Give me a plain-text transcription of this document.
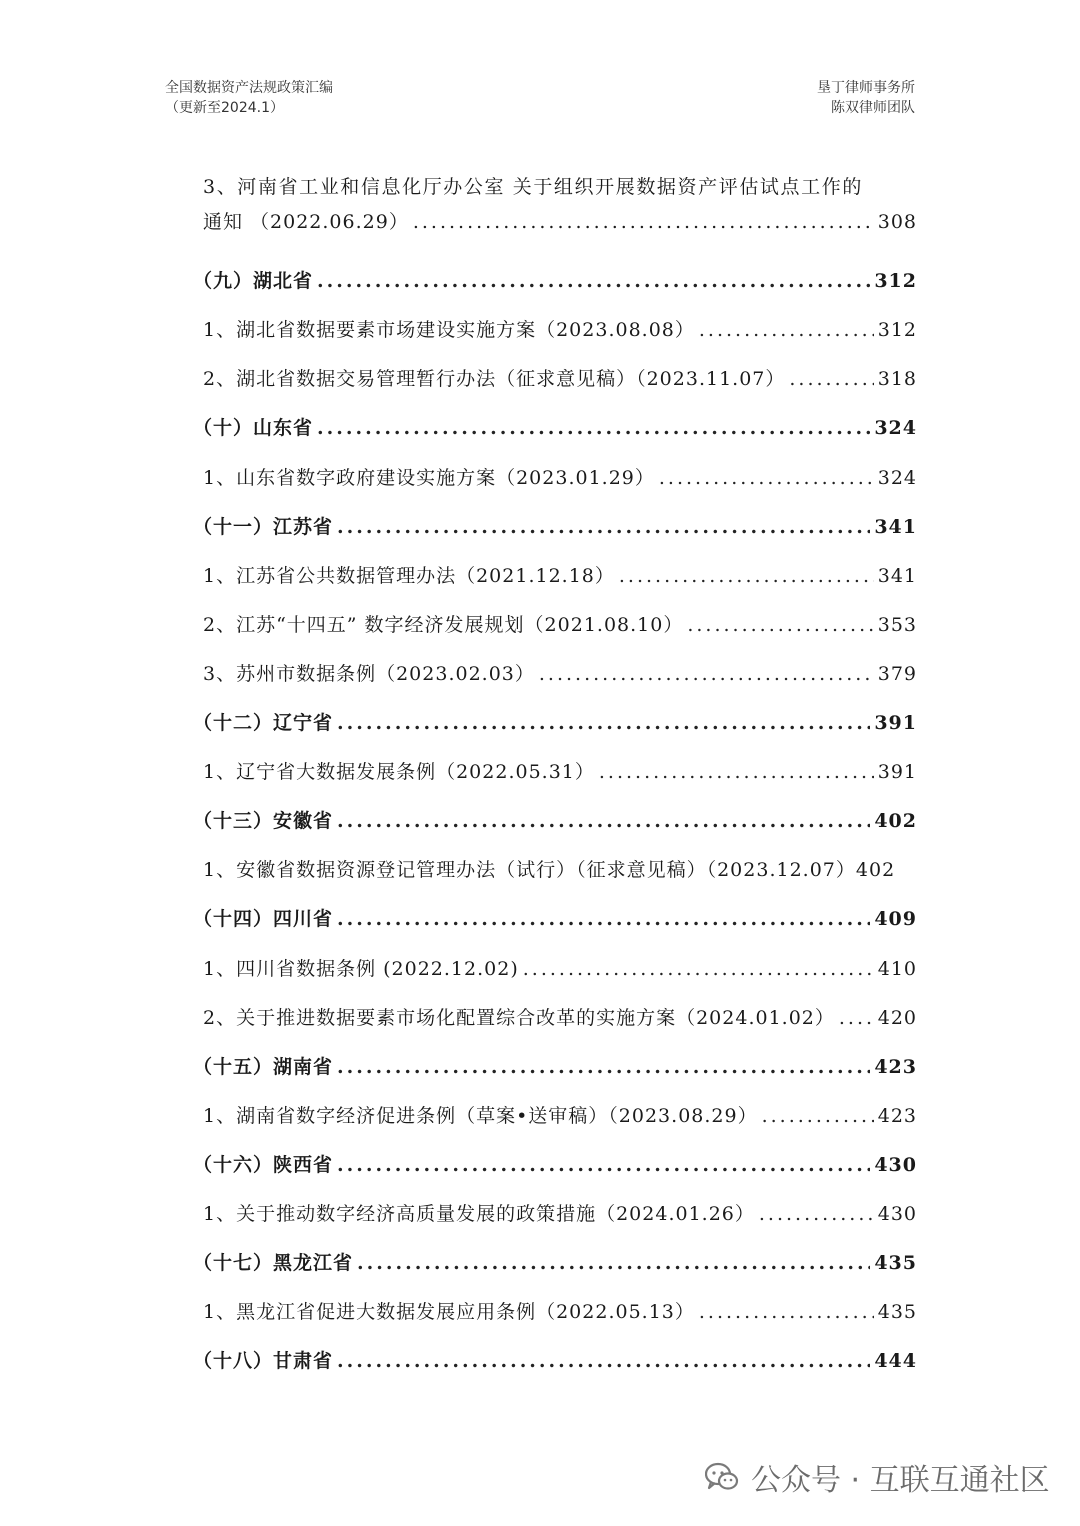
全国数据资产法规政策汇编
（更新至2024.1）
垦丁律师事务所
陈双律师团队
3、河南省工业和信息化厅办公室 关于组织开展数据资产评估试点工作的
通知 （2022.06.29） .....	308
（九）湖北省 .....	312
1、湖北省数据要素市场建设实施方案（2023.08.08） .....	312
2、湖北省数据交易管理暂行办法（征求意见稿）（2023.11.07） .....	318
（十）山东省 .....	324
1、山东省数字政府建设实施方案（2023.01.29） .....	324
（十一）江苏省 .....	341
1、江苏省公共数据管理办法（2021.12.18） .....	341
2、江苏“十四五” 数字经济发展规划（2021.08.10） .....	353
3、苏州市数据条例（2023.02.03） .....	379
（十二）辽宁省 .....	391
1、辽宁省大数据发展条例（2022.05.31） .....	391
（十三）安徽省 .....	402
1、安徽省数据资源登记管理办法（试行）（征求意见稿）（2023.12.07） 402
（十四）四川省 .....	409
1、四川省数据条例 (2022.12.02) .....	410
2、关于推进数据要素市场化配置综合改革的实施方案（2024.01.02） ..... 420
（十五）湖南省 .....	423
1、湖南省数字经济促进条例（草案•送审稿）（2023.08.29） .....	423
（十六）陕西省 .....	430
1、关于推动数字经济高质量发展的政策措施（2024.01.26） .....	430
（十七）黑龙江省 .....	435
1、黑龙江省促进大数据发展应用条例（2022.05.13） .....	435
（十八）甘肃省 .....	444
公众号 · 互联互通社区
